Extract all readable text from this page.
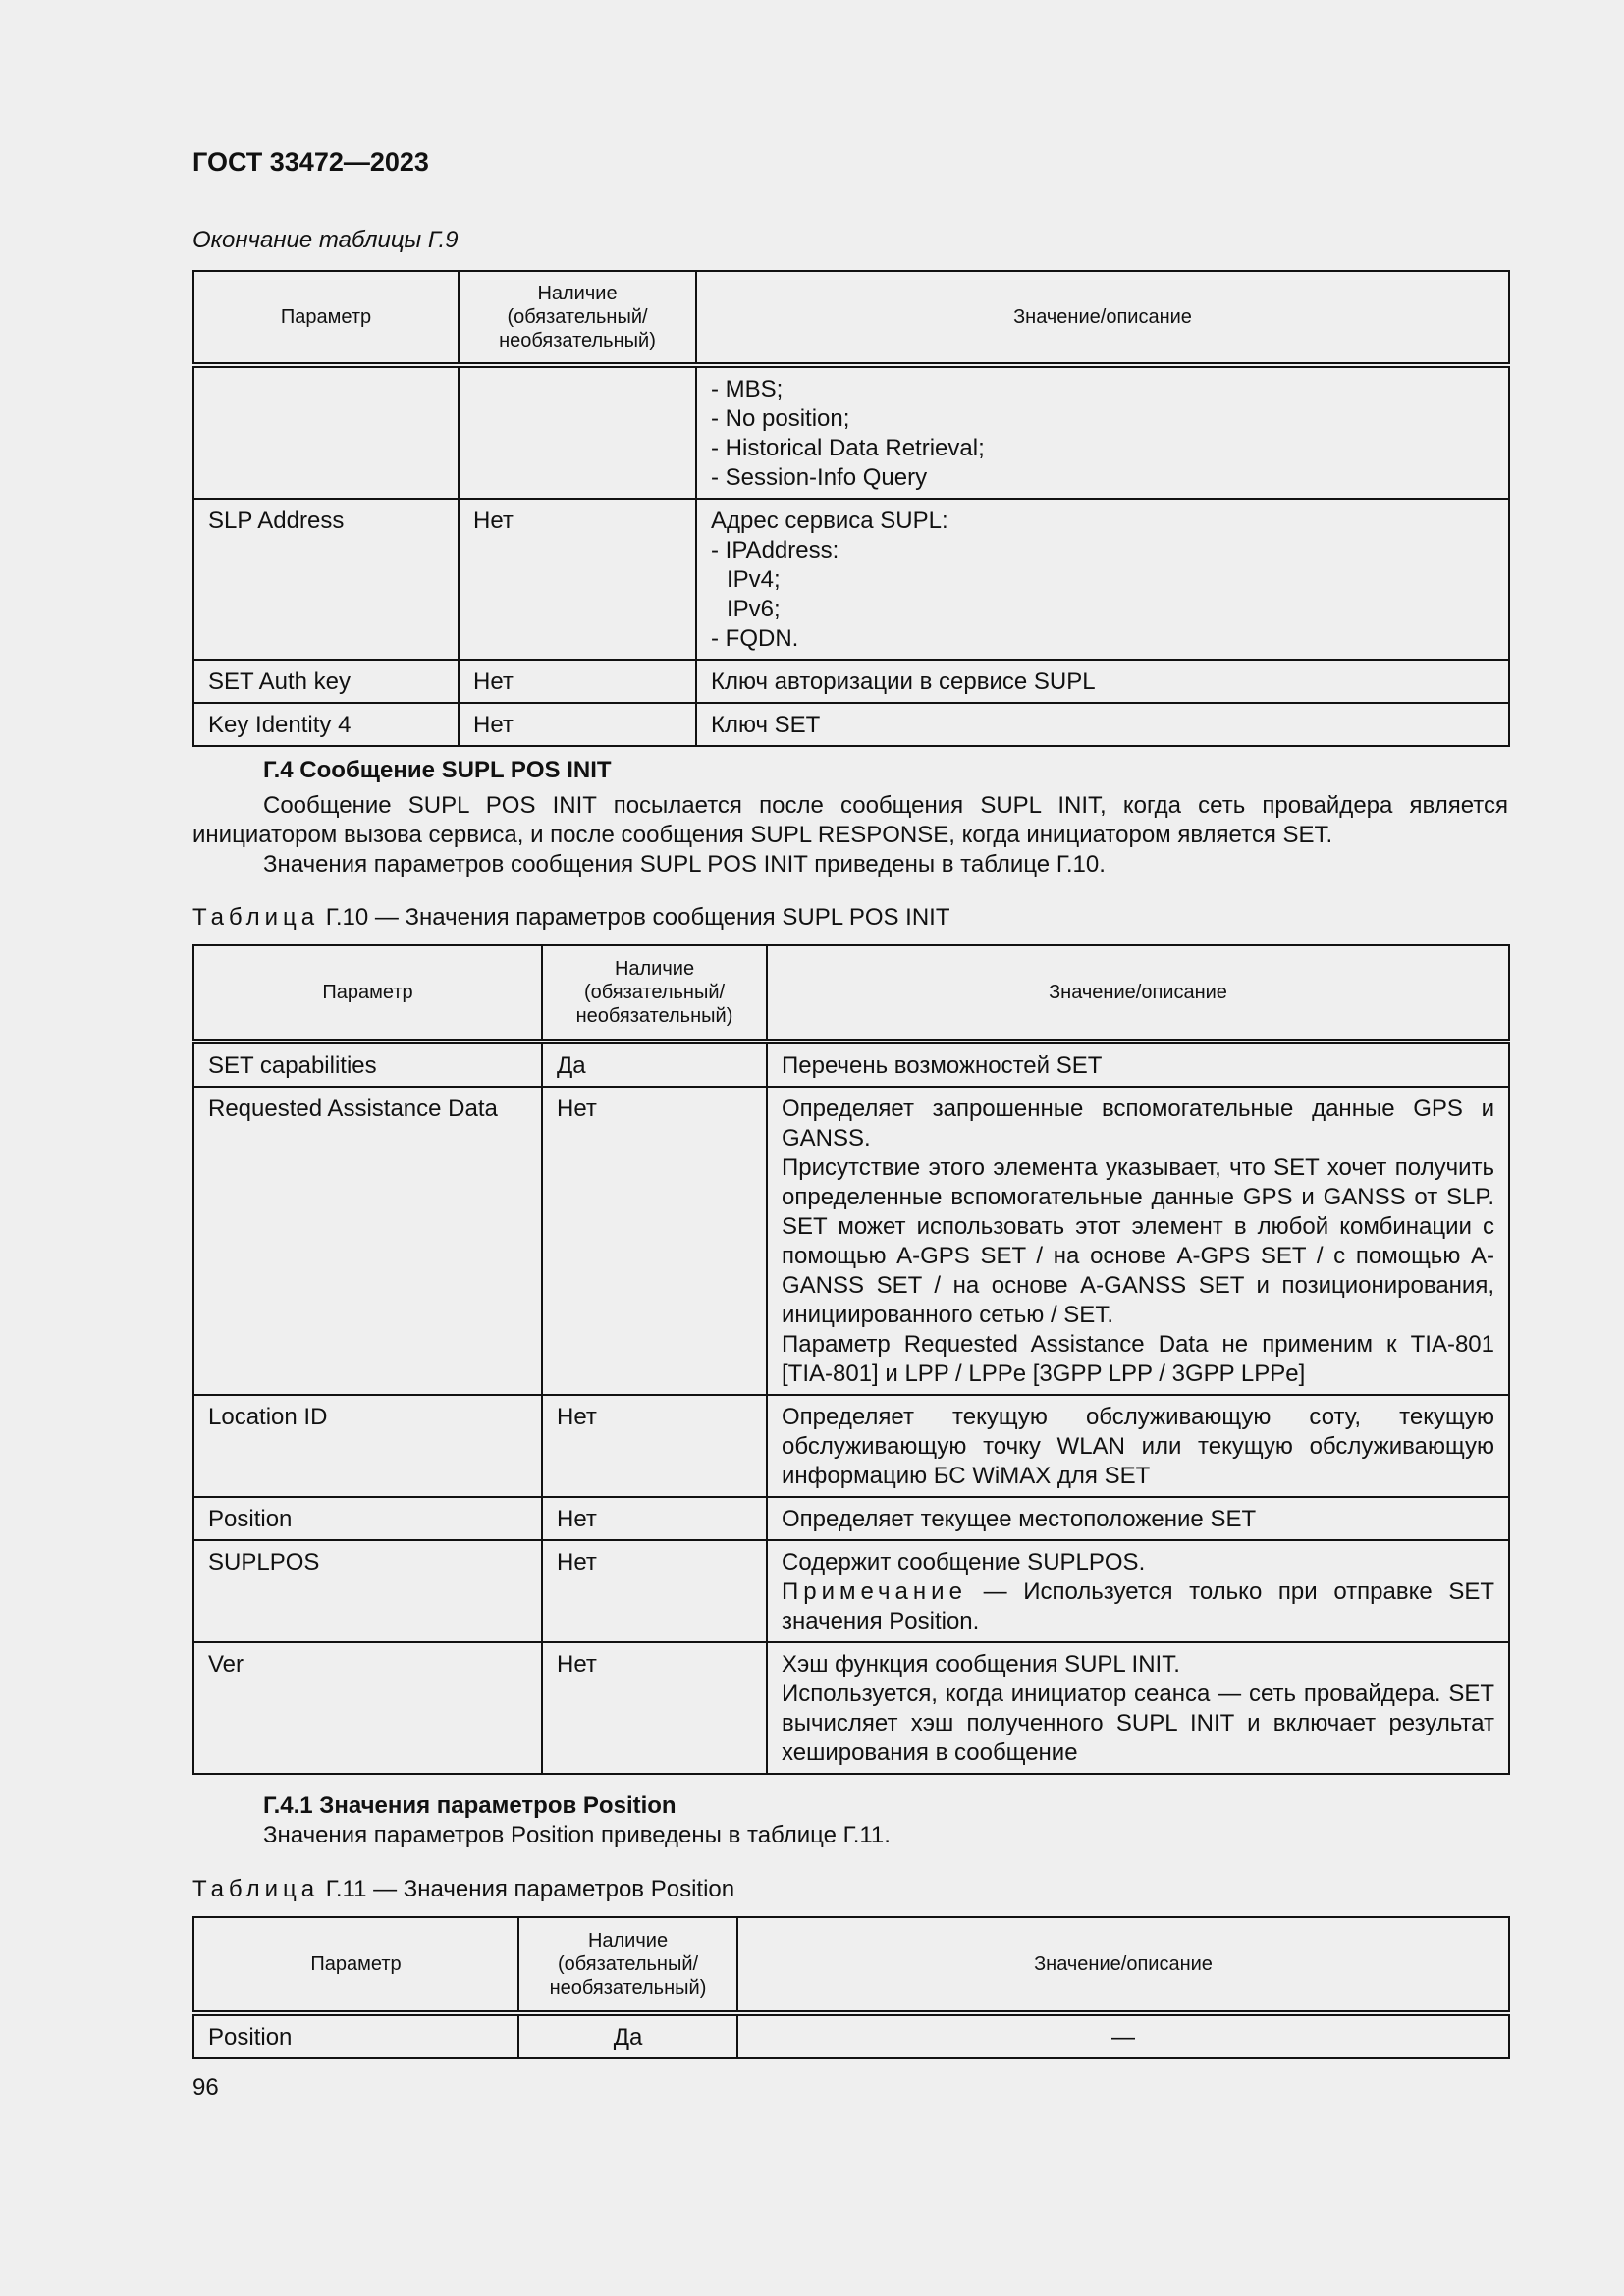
ГОСТ 33472—2023
Окончание таблицы Г.9
Параметр	Наличие (обязательный/ необязательный)	Значение/описание

		- MBS;
- No position;
- Historical Data Retrieval;
- Session-Info Query

SLP Address	Нет	Адрес сервиса SUPL:
- IPAddress:
IPv4;
IPv6;
- FQDN.

SET Auth key	Нет	Ключ авторизации в сервисе SUPL
Key Identity 4	Нет	Ключ SET
Г.4 Сообщение SUPL POS INIT
Сообщение SUPL POS INIT посылается после сообщения SUPL INIT, когда сеть провайдера является инициатором вызова сервиса, и после сообщения SUPL RESPONSE, когда инициатором является SET.
Значения параметров сообщения SUPL POS INIT приведены в таблице Г.10.
Таблица Г.10 — Значения параметров сообщения SUPL POS INIT
Параметр	Наличие (обязательный/ необязательный)	Значение/описание
SET capabilities	Да	Перечень возможностей SET
Requested Assistance Data	Нет	Определяет запрошенные вспомогательные данные GPS и GANSS.
Присутствие этого элемента указывает, что SET хочет получить определенные вспомогательные данные GPS и GANSS от SLP. SET может использовать этот элемент в любой комбинации с помощью A-GPS SET / на основе A-GPS SET / с помощью A-GANSS SET / на основе A-GANSS SET и позиционирования, инициированного сетью / SET.
Параметр Requested Assistance Data не применим к TIA-801 [TIA-801] и LPP / LPPe [3GPP LPP / 3GPP LPPe]

Location ID	Нет	Определяет текущую обслуживающую соту, текущую обслуживающую точку WLAN или текущую обслуживающую информацию БС WiMAX для SET
Position	Нет	Определяет текущее местоположение SET
SUPLPOS	Нет	Содержит сообщение SUPLPOS.
Примечание — Используется только при отправке SET значения Position.

Ver	Нет	Хэш функция сообщения SUPL INIT.
Используется, когда инициатор сеанса — сеть провайдера. SET вычисляет хэш полученного SUPL INIT и включает результат хеширования в сообщение
Г.4.1 Значения параметров Position
Значения параметров Position приведены в таблице Г.11.
Таблица Г.11 — Значения параметров Position
Параметр	Наличие (обязательный/ необязательный)	Значение/описание
Position	Да	—
96
